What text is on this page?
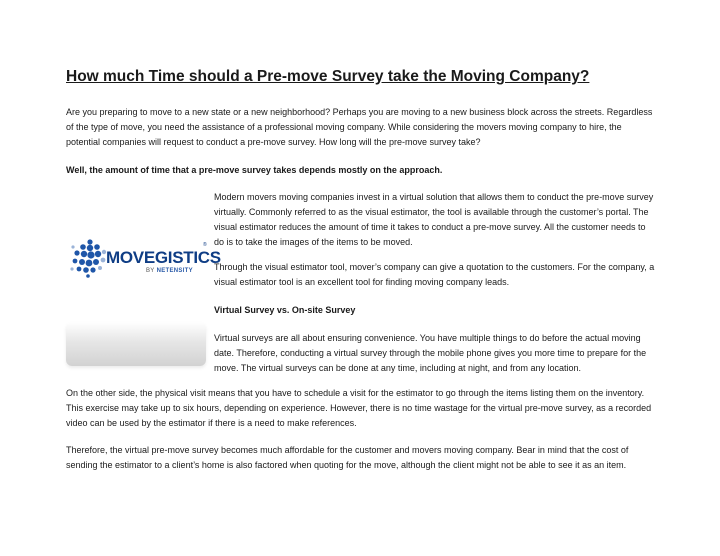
How much Time should a Pre‐move Survey take the Moving Company?
Are you preparing to move to a new state or a new neighborhood? Perhaps you are moving to a new business block across the streets. Regardless of the type of move, you need the assistance of a professional moving company. While considering the movers moving company to hire, the potential companies will request to conduct a pre-move survey. How long will the pre-move survey take?
Well, the amount of time that a pre-move survey takes depends mostly on the approach.
MOVEGISTICS
®
BY NETENSITY
Modern movers moving companies invest in a virtual solution that allows them to conduct the pre-move survey virtually. Commonly referred to as the visual estimator, the tool is available through the customer’s portal. The visual estimator reduces the amount of time it takes to conduct a pre-move survey. All the customer needs to do is to take the images of the items to be moved.
Through the visual estimator tool, mover’s company can give a quotation to the customers. For the company, a visual estimator tool is an excellent tool for finding moving company leads.
Virtual Survey vs. On-site Survey
Virtual surveys are all about ensuring convenience. You have multiple things to do before the actual moving date. Therefore, conducting a virtual survey through the mobile phone gives you more time to prepare for the move. The virtual surveys can be done at any time, including at night, and from any location.
On the other side, the physical visit means that you have to schedule a visit for the estimator to go through the items listing them on the inventory. This exercise may take up to six hours, depending on experience. However, there is no time wastage for the virtual pre-move survey, as a recorded video can be used by the estimator if there is a need to make references.
Therefore, the virtual pre-move survey becomes much affordable for the customer and movers moving company. Bear in mind that the cost of sending the estimator to a client’s home is also factored when quoting for the move, although the client might not be able to see it as an item.
